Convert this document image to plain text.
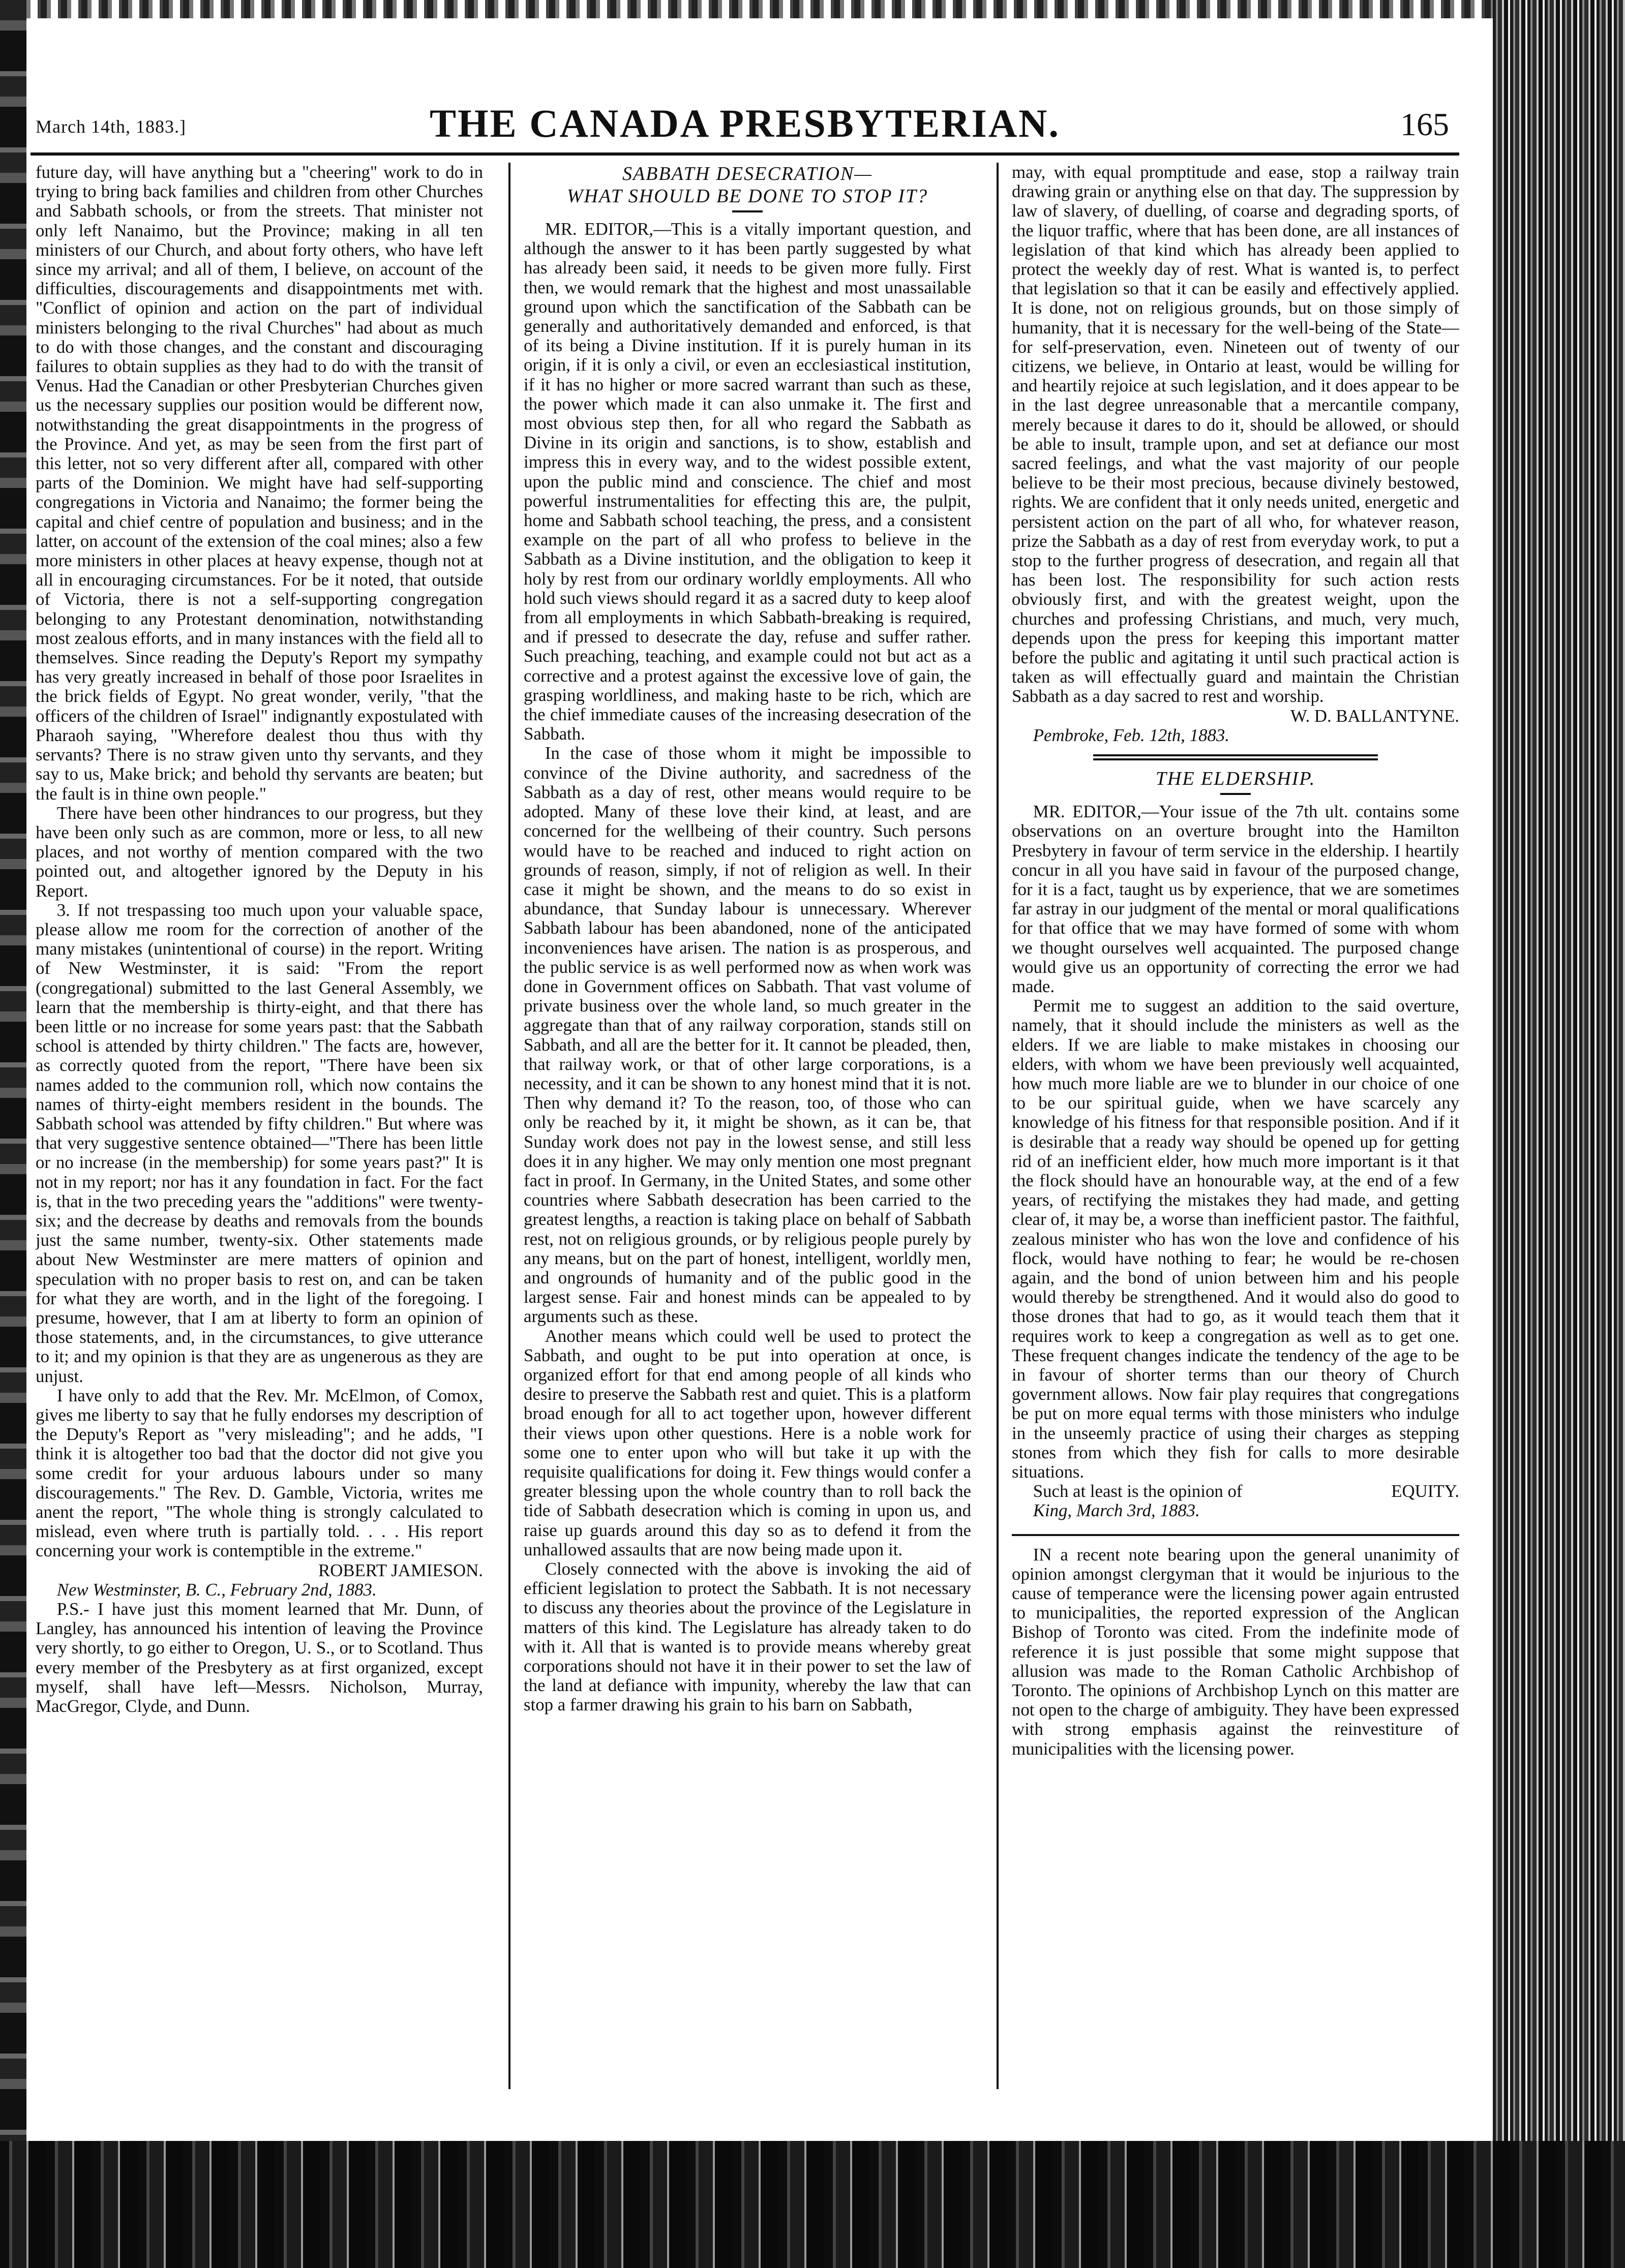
March 14th, 1883.]	THE CANADA PRESBYTERIAN.	165

future day, will have anything but a "cheering" work to do in trying to bring back families and children from other Churches and Sabbath schools, or from the streets. That minister not only left Nanaimo, but the Province; making in all ten ministers of our Church, and about forty others, who have left since my arrival; and all of them, I believe, on account of the difficulties, discouragements and disappointments met with. "Conflict of opinion and action on the part of individual ministers belonging to the rival Churches" had about as much to do with those changes, and the constant and discouraging failures to obtain supplies as they had to do with the transit of Venus. Had the Canadian or other Presbyterian Churches given us the necessary supplies our position would be different now, notwithstanding the great disappointments in the progress of the Province. And yet, as may be seen from the first part of this letter, not so very different after all, compared with other parts of the Dominion. We might have had self-supporting congregations in Victoria and Nanaimo; the former being the capital and chief centre of population and business; and in the latter, on account of the extension of the coal mines; also a few more ministers in other places at heavy expense, though not at all in encouraging circumstances. For be it noted, that outside of Victoria, there is not a self-supporting congregation belonging to any Protestant denomination, notwithstanding most zealous efforts, and in many instances with the field all to themselves. Since reading the Deputy's Report my sympathy has very greatly increased in behalf of those poor Israelites in the brick fields of Egypt. No great wonder, verily, "that the officers of the children of Israel" indignantly expostulated with Pharaoh saying, "Wherefore dealest thou thus with thy servants? There is no straw given unto thy servants, and they say to us, Make brick; and behold thy servants are beaten; but the fault is in thine own people."

There have been other hindrances to our progress, but they have been only such as are common, more or less, to all new places, and not worthy of mention compared with the two pointed out, and altogether ignored by the Deputy in his Report.

3. If not trespassing too much upon your valuable space, please allow me room for the correction of another of the many mistakes (unintentional of course) in the report. Writing of New Westminster, it is said: "From the report (congregational) submitted to the last General Assembly, we learn that the membership is thirty-eight, and that there has been little or no increase for some years past: that the Sabbath school is attended by thirty children." The facts are, however, as correctly quoted from the report, "There have been six names added to the communion roll, which now contains the names of thirty-eight members resident in the bounds. The Sabbath school was attended by fifty children." But where was that very suggestive sentence obtained—"There has been little or no increase (in the membership) for some years past?" It is not in my report; nor has it any foundation in fact. For the fact is, that in the two preceding years the "additions" were twenty-six; and the decrease by deaths and removals from the bounds just the same number, twenty-six. Other statements made about New Westminster are mere matters of opinion and speculation with no proper basis to rest on, and can be taken for what they are worth, and in the light of the foregoing. I presume, however, that I am at liberty to form an opinion of those statements, and, in the circumstances, to give utterance to it; and my opinion is that they are as ungenerous as they are unjust.

I have only to add that the Rev. Mr. McElmon, of Comox, gives me liberty to say that he fully endorses my description of the Deputy's Report as "very misleading"; and he adds, "I think it is altogether too bad that the doctor did not give you some credit for your arduous labours under so many discouragements." The Rev. D. Gamble, Victoria, writes me anent the report, "The whole thing is strongly calculated to mislead, even where truth is partially told. . . . His report concerning your work is contemptible in the extreme."

ROBERT JAMIESON.

New Westminster, B. C., February 2nd, 1883.

P.S.- I have just this moment learned that Mr. Dunn, of Langley, has announced his intention of leaving the Province very shortly, to go either to Oregon, U. S., or to Scotland. Thus every member of the Presbytery as at first organized, except myself, shall have left—Messrs. Nicholson, Murray, MacGregor, Clyde, and Dunn.

SABBATH DESECRATION—
WHAT SHOULD BE DONE TO STOP IT?

MR. EDITOR,—This is a vitally important question, and although the answer to it has been partly suggested by what has already been said, it needs to be given more fully. First then, we would remark that the highest and most unassailable ground upon which the sanctification of the Sabbath can be generally and authoritatively demanded and enforced, is that of its being a Divine institution. If it is purely human in its origin, if it is only a civil, or even an ecclesiastical institution, if it has no higher or more sacred warrant than such as these, the power which made it can also unmake it. The first and most obvious step then, for all who regard the Sabbath as Divine in its origin and sanctions, is to show, establish and impress this in every way, and to the widest possible extent, upon the public mind and conscience. The chief and most powerful instrumentalities for effecting this are, the pulpit, home and Sabbath school teaching, the press, and a consistent example on the part of all who profess to believe in the Sabbath as a Divine institution, and the obligation to keep it holy by rest from our ordinary worldly employments. All who hold such views should regard it as a sacred duty to keep aloof from all employments in which Sabbath-breaking is required, and if pressed to desecrate the day, refuse and suffer rather. Such preaching, teaching, and example could not but act as a corrective and a protest against the excessive love of gain, the grasping worldliness, and making haste to be rich, which are the chief immediate causes of the increasing desecration of the Sabbath.

In the case of those whom it might be impossible to convince of the Divine authority, and sacredness of the Sabbath as a day of rest, other means would require to be adopted. Many of these love their kind, at least, and are concerned for the wellbeing of their country. Such persons would have to be reached and induced to right action on grounds of reason, simply, if not of religion as well. In their case it might be shown, and the means to do so exist in abundance, that Sunday labour is unnecessary. Wherever Sabbath labour has been abandoned, none of the anticipated inconveniences have arisen. The nation is as prosperous, and the public service is as well performed now as when work was done in Government offices on Sabbath. That vast volume of private business over the whole land, so much greater in the aggregate than that of any railway corporation, stands still on Sabbath, and all are the better for it. It cannot be pleaded, then, that railway work, or that of other large corporations, is a necessity, and it can be shown to any honest mind that it is not. Then why demand it? To the reason, too, of those who can only be reached by it, it might be shown, as it can be, that Sunday work does not pay in the lowest sense, and still less does it in any higher. We may only mention one most pregnant fact in proof. In Germany, in the United States, and some other countries where Sabbath desecration has been carried to the greatest lengths, a reaction is taking place on behalf of Sabbath rest, not on religious grounds, or by religious people purely by any means, but on the part of honest, intelligent, worldly men, and ongrounds of humanity and of the public good in the largest sense. Fair and honest minds can be appealed to by arguments such as these.

Another means which could well be used to protect the Sabbath, and ought to be put into operation at once, is organized effort for that end among people of all kinds who desire to preserve the Sabbath rest and quiet. This is a platform broad enough for all to act together upon, however different their views upon other questions. Here is a noble work for some one to enter upon who will but take it up with the requisite qualifications for doing it. Few things would confer a greater blessing upon the whole country than to roll back the tide of Sabbath desecration which is coming in upon us, and raise up guards around this day so as to defend it from the unhallowed assaults that are now being made upon it.

Closely connected with the above is invoking the aid of efficient legislation to protect the Sabbath. It is not necessary to discuss any theories about the province of the Legislature in matters of this kind. The Legislature has already taken to do with it. All that is wanted is to provide means whereby great corporations should not have it in their power to set the law of the land at defiance with impunity, whereby the law that can stop a farmer drawing his grain to his barn on Sabbath,

may, with equal promptitude and ease, stop a railway train drawing grain or anything else on that day. The suppression by law of slavery, of duelling, of coarse and degrading sports, of the liquor traffic, where that has been done, are all instances of legislation of that kind which has already been applied to protect the weekly day of rest. What is wanted is, to perfect that legislation so that it can be easily and effectively applied. It is done, not on religious grounds, but on those simply of humanity, that it is necessary for the well-being of the State—for self-preservation, even. Nineteen out of twenty of our citizens, we believe, in Ontario at least, would be willing for and heartily rejoice at such legislation, and it does appear to be in the last degree unreasonable that a mercantile company, merely because it dares to do it, should be allowed, or should be able to insult, trample upon, and set at defiance our most sacred feelings, and what the vast majority of our people believe to be their most precious, because divinely bestowed, rights. We are confident that it only needs united, energetic and persistent action on the part of all who, for whatever reason, prize the Sabbath as a day of rest from everyday work, to put a stop to the further progress of desecration, and regain all that has been lost. The responsibility for such action rests obviously first, and with the greatest weight, upon the churches and professing Christians, and much, very much, depends upon the press for keeping this important matter before the public and agitating it until such practical action is taken as will effectually guard and maintain the Christian Sabbath as a day sacred to rest and worship.

W. D. BALLANTYNE.

Pembroke, Feb. 12th, 1883.

THE ELDERSHIP.

MR. EDITOR,—Your issue of the 7th ult. contains some observations on an overture brought into the Hamilton Presbytery in favour of term service in the eldership. I heartily concur in all you have said in favour of the purposed change, for it is a fact, taught us by experience, that we are sometimes far astray in our judgment of the mental or moral qualifications for that office that we may have formed of some with whom we thought ourselves well acquainted. The purposed change would give us an opportunity of correcting the error we had made.

Permit me to suggest an addition to the said overture, namely, that it should include the ministers as well as the elders. If we are liable to make mistakes in choosing our elders, with whom we have been previously well acquainted, how much more liable are we to blunder in our choice of one to be our spiritual guide, when we have scarcely any knowledge of his fitness for that responsible position. And if it is desirable that a ready way should be opened up for getting rid of an inefficient elder, how much more important is it that the flock should have an honourable way, at the end of a few years, of rectifying the mistakes they had made, and getting clear of, it may be, a worse than inefficient pastor. The faithful, zealous minister who has won the love and confidence of his flock, would have nothing to fear; he would be re-chosen again, and the bond of union between him and his people would thereby be strengthened. And it would also do good to those drones that had to go, as it would teach them that it requires work to keep a congregation as well as to get one. These frequent changes indicate the tendency of the age to be in favour of shorter terms than our theory of Church government allows. Now fair play requires that congregations be put on more equal terms with those ministers who indulge in the unseemly practice of using their charges as stepping stones from which they fish for calls to more desirable situations.

Such at least is the opinion of	EQUITY.

King, March 3rd, 1883.

IN a recent note bearing upon the general unanimity of opinion amongst clergyman that it would be injurious to the cause of temperance were the licensing power again entrusted to municipalities, the reported expression of the Anglican Bishop of Toronto was cited. From the indefinite mode of reference it is just possible that some might suppose that allusion was made to the Roman Catholic Archbishop of Toronto. The opinions of Archbishop Lynch on this matter are not open to the charge of ambiguity. They have been expressed with strong emphasis against the reinvestiture of municipalities with the licensing power.
